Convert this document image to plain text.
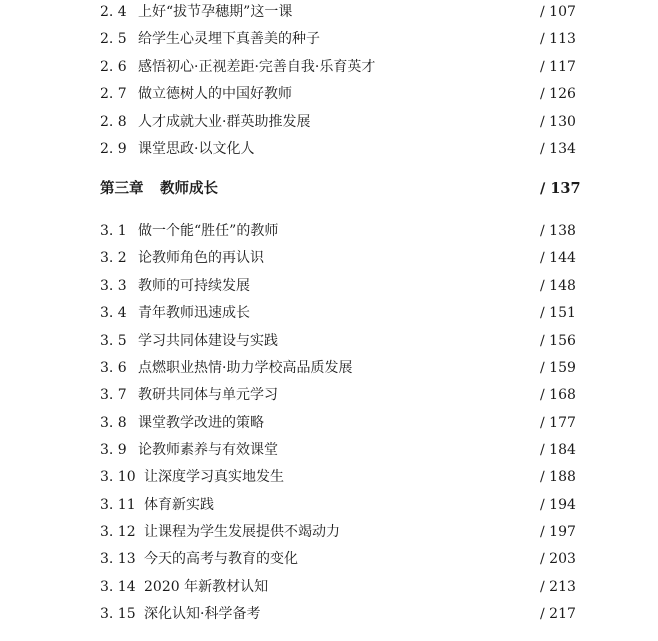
2. 4 上好“拔节孕穗期”这一课	∕ 107
2. 5 给学生心灵埋下真善美的种子	∕ 113
2. 6 感悟初心·正视差距·完善自我·乐育英才	∕ 117
2. 7 做立德树人的中国好教师	∕ 126
2. 8 人才成就大业·群英助推发展	∕ 130
2. 9 课堂思政·以文化人	∕ 134
第三章 教师成长	∕ 137
3. 1 做一个能“胜任”的教师	∕ 138
3. 2 论教师角色的再认识	∕ 144
3. 3 教师的可持续发展	∕ 148
3. 4 青年教师迅速成长	∕ 151
3. 5 学习共同体建设与实践	∕ 156
3. 6 点燃职业热情·助力学校高品质发展	∕ 159
3. 7 教研共同体与单元学习	∕ 168
3. 8 课堂教学改进的策略	∕ 177
3. 9 论教师素养与有效课堂	∕ 184
3. 10 让深度学习真实地发生	∕ 188
3. 11 体育新实践	∕ 194
3. 12 让课程为学生发展提供不竭动力	∕ 197
3. 13 今天的高考与教育的变化	∕ 203
3. 14 2020 年新教材认知	∕ 213
3. 15 深化认知·科学备考	∕ 217
